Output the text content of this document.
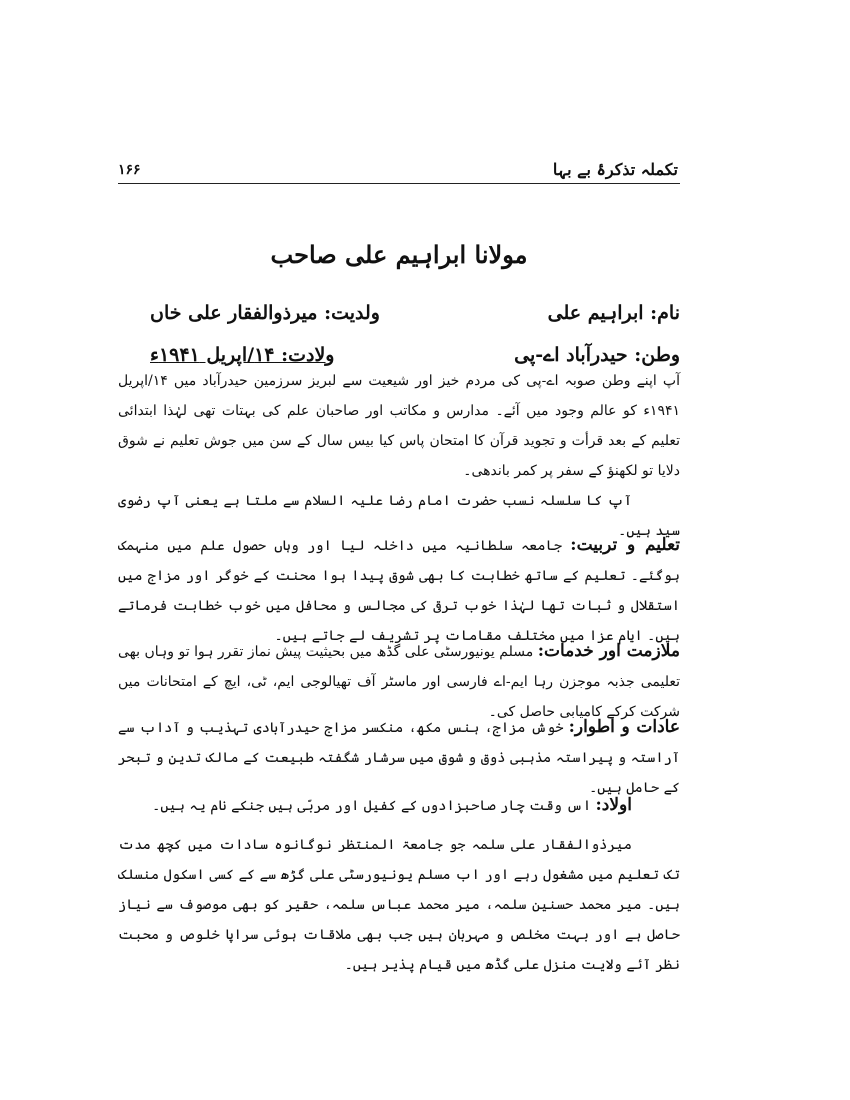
تکملہ تذکرۂ بے بہا
۱۶۶
مولانا ابراہیم علی صاحب
نام: ابراہیم علی
ولدیت: میرذوالفقار علی خاں
وطن: حیدرآباد اے-پی
ولادت: ۱۴/اپریل ۱۹۴۱ء

آپ اپنے وطن صوبہ اے-پی کی مردم خیز اور شیعیت سے لبریز سرزمین حیدرآباد میں ۱۴/اپریل ۱۹۴۱ء کو عالم وجود میں آئے۔ مدارس و مکاتب اور صاحبان علم کی بہتات تھی لہٰذا ابتدائی تعلیم کے بعد قرأت و تجوید قرآن کا امتحان پاس کیا بیس سال کے سن میں جوش تعلیم نے شوق دلایا تو لکھنؤ کے سفر پر کمر باندھی۔

آپ کا سلسلہ نسب حضرت امام رضا علیہ السلام سے ملتا ہے یعنی آپ رضوی سید ہیں۔

تعلیم و تربیت: جامعہ سلطانیہ میں داخلہ لیا اور وہاں حصول علم میں منہمک ہوگئے۔ تعلیم کے ساتھ خطابت کا بھی شوق پیدا ہوا محنت کے خوگر اور مزاج میں استقلال و ثبات تھا لہٰذا خوب ترقی کی مجالس و محافل میں خوب خطابت فرماتے ہیں۔ ایام عزا میں مختلف مقامات پر تشریف لے جاتے ہیں۔

ملازمت اور خدمات: مسلم یونیورسٹی علی گڈھ میں بحیثیت پیش نماز تقرر ہوا تو وہاں بھی تعلیمی جذبہ موجزن رہا ایم-اے فارسی اور ماسٹر آف تھیالوجی ایم، ٹی، ایچ کے امتحانات میں شرکت کرکے کامیابی حاصل کی۔

عادات و اطوار: خوش مزاج، ہنس مکھ، منکسر مزاج حیدرآبادی تہذیب و آداب سے آراستہ و پیراستہ مذہبی ذوق و شوق میں سرشار شگفتہ طبیعت کے مالک تدین و تبحر کے حامل ہیں۔

اولاد: اس وقت چار صاحبزادوں کے کفیل اور مربّی ہیں جنکے نام یہ ہیں۔

میرذوالفقار علی سلمہ جو جامعۃ المنتظر نوگانوہ سادات میں کچھ مدت تک تعلیم میں مشغول رہے اور اب مسلم یونیورسٹی علی گڑھ سے کے کسی اسکول منسلک ہیں۔ میر محمد حسنین سلمہ، میر محمد عباس سلمہ، حقیر کو بھی موصوف سے نیاز حاصل ہے اور بہت مخلص و مہربان ہیں جب بھی ملاقات ہوئی سراپا خلوص و محبت نظر آئے ولایت منزل علی گڈھ میں قیام پذیر ہیں۔
